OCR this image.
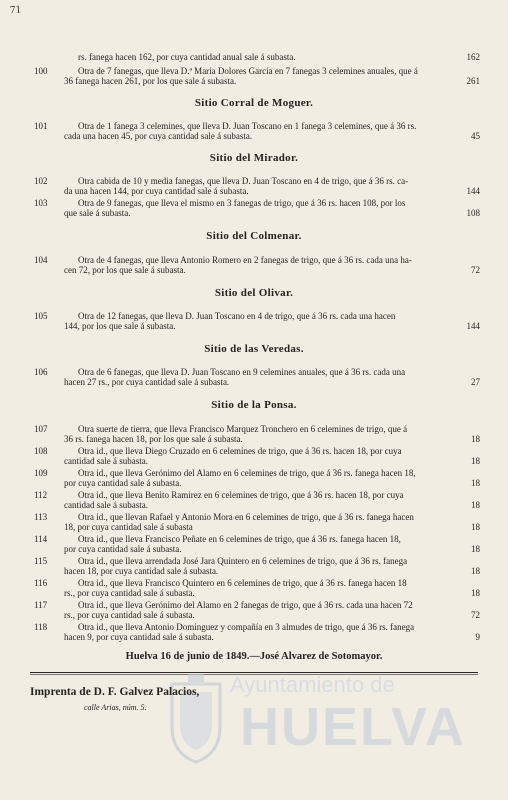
71
rs. fanega hacen 162, por cuya cantidad anual sale á subasta.	162
100	Otra de 7 fanegas, que lleva D.ª María Dolores García en 7 fanegas 3 celemines anuales, que á
36 fanega hacen 261, por los que sale á subasta.	261
Sitio Corral de Moguer.
101	Otra de 1 fanega 3 celemines, que lleva D. Juan Toscano en 1 fanega 3 celemines, que á 36 rs.
cada una hacen 45, por cuya cantidad sale á subasta.	45
Sitio del Mirador.
102	Otra cabida de 10 y media fanegas, que lleva D. Juan Toscano en 4 de trigo, que á 36 rs. ca-
da una hacen 144, por cuya cantidad sale á subasta.	144
103	Otra de 9 fanegas, que lleva el mismo en 3 fanegas de trigo, que á 36 rs. hacen 108, por los
que sale á subasta.	108
Sitio del Colmenar.
104	Otra de 4 fanegas, que lleva Antonio Romero en 2 fanegas de trigo, que á 36 rs. cada una ha-
cen 72, por los que sale á subasta.	72
Sitio del Olivar.
105	Otra de 12 fanegas, que lleva D. Juan Toscano en 4 de trigo, que á 36 rs. cada una hacen
144, por los que sale á subasta.	144
Sitio de las Veredas.
106	Otra de 6 fanegas, que lleva D. Juan Toscano en 9 celemines anuales, que á 36 rs. cada una
hacen 27 rs., por cuya cantidad sale á subasta.	27
Sitio de la Ponsa.
107	Otra suerte de tierra, que lleva Francisco Marquez Tronchero en 6 celemines de trigo, que á
36 rs. fanega hacen 18, por los que sale á subasta.	18
108	Otra id., que lleva Diego Cruzado en 6 celemines de trigo, que á 36 rs. hacen 18, por cuya
cantidad sale á subasta.	18
109	Otra id., que lleva Gerónimo del Alamo en 6 celemines de trigo, que á 36 rs. fanega hacen 18,
por cuya cantidad sale á subasta.	18
112	Otra id., que lleva Benito Ramirez en 6 celemines de trigo, que á 36 rs. hacen 18, por cuya
cantidad sale á subasta.	18
113	Otra id., que llevan Rafael y Antonio Mora en 6 celemines de trigo, que á 36 rs. fanega hacen
18, por cuya cantidad sale á subasta	18
114	Otra id., que lleva Francisco Peñate en 6 celemines de trigo, que á 36 rs. fanega hacen 18,
por cuya cantidad sale á subasta.	18
115	Otra id., que lleva arrendada José Jara Quintero en 6 celemines de trigo, que á 36 rs. fanega
hacen 18, por cuya cantidad sale á subasta.	18
116	Otra id., que lleva Francisco Quintero en 6 celemines de trigo, que á 36 rs. fanega hacen 18
rs., por cuya cantidad sale á subasta.	18
117	Otra id., que lleva Gerónimo del Alamo en 2 fanegas de trigo, que á 36 rs. cada una hacen 72
rs., por cuya cantidad sale á subasta.	72
118	Otra id., que lleva Antonio Dominguez y compañía en 3 almudes de trigo, que á 36 rs. fanega
hacen 9, por cuya cantidad sale á subasta.	9
Huelva 16 de junio de 1849.—José Alvarez de Sotomayor.
Ayuntamiento de
HUELVA
Imprenta de D. F. Galvez Palacios,
calle Arias, núm. 5.
